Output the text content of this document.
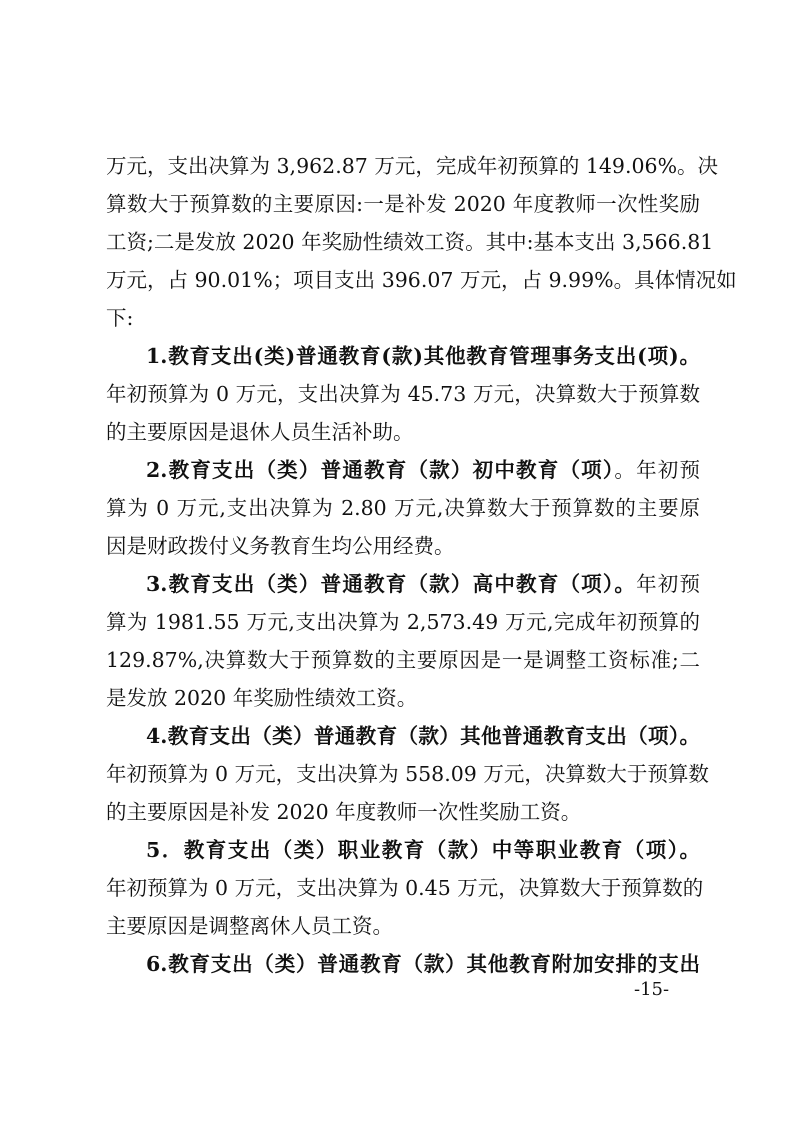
万元，支出决算为 3,962.87 万元，完成年初预算的 149.06%。决
算数大于预算数的主要原因:一是补发 2020 年度教师一次性奖励
工资;二是发放 2020 年奖励性绩效工资。其中:基本支出 3,566.81
万元，占 90.01%；项目支出 396.07 万元，占 9.99%。具体情况如
下:
1.教育支出(类)普通教育(款)其他教育管理事务支出(项)。
年初预算为 0 万元，支出决算为 45.73 万元，决算数大于预算数
的主要原因是退休人员生活补助。
2.教育支出（类）普通教育（款）初中教育（项）。年初预
算为 0 万元,支出决算为 2.80 万元,决算数大于预算数的主要原
因是财政拨付义务教育生均公用经费。
3.教育支出（类）普通教育（款）高中教育（项）。年初预
算为 1981.55 万元,支出决算为 2,573.49 万元,完成年初预算的
129.87%,决算数大于预算数的主要原因是一是调整工资标准;二
是发放 2020 年奖励性绩效工资。
4.教育支出（类）普通教育（款）其他普通教育支出（项）。
年初预算为 0 万元，支出决算为 558.09 万元，决算数大于预算数
的主要原因是补发 2020 年度教师一次性奖励工资。
5．教育支出（类）职业教育（款）中等职业教育（项）。
年初预算为 0 万元，支出决算为 0.45 万元，决算数大于预算数的
主要原因是调整离休人员工资。
6.教育支出（类）普通教育（款）其他教育附加安排的支出
-15-
